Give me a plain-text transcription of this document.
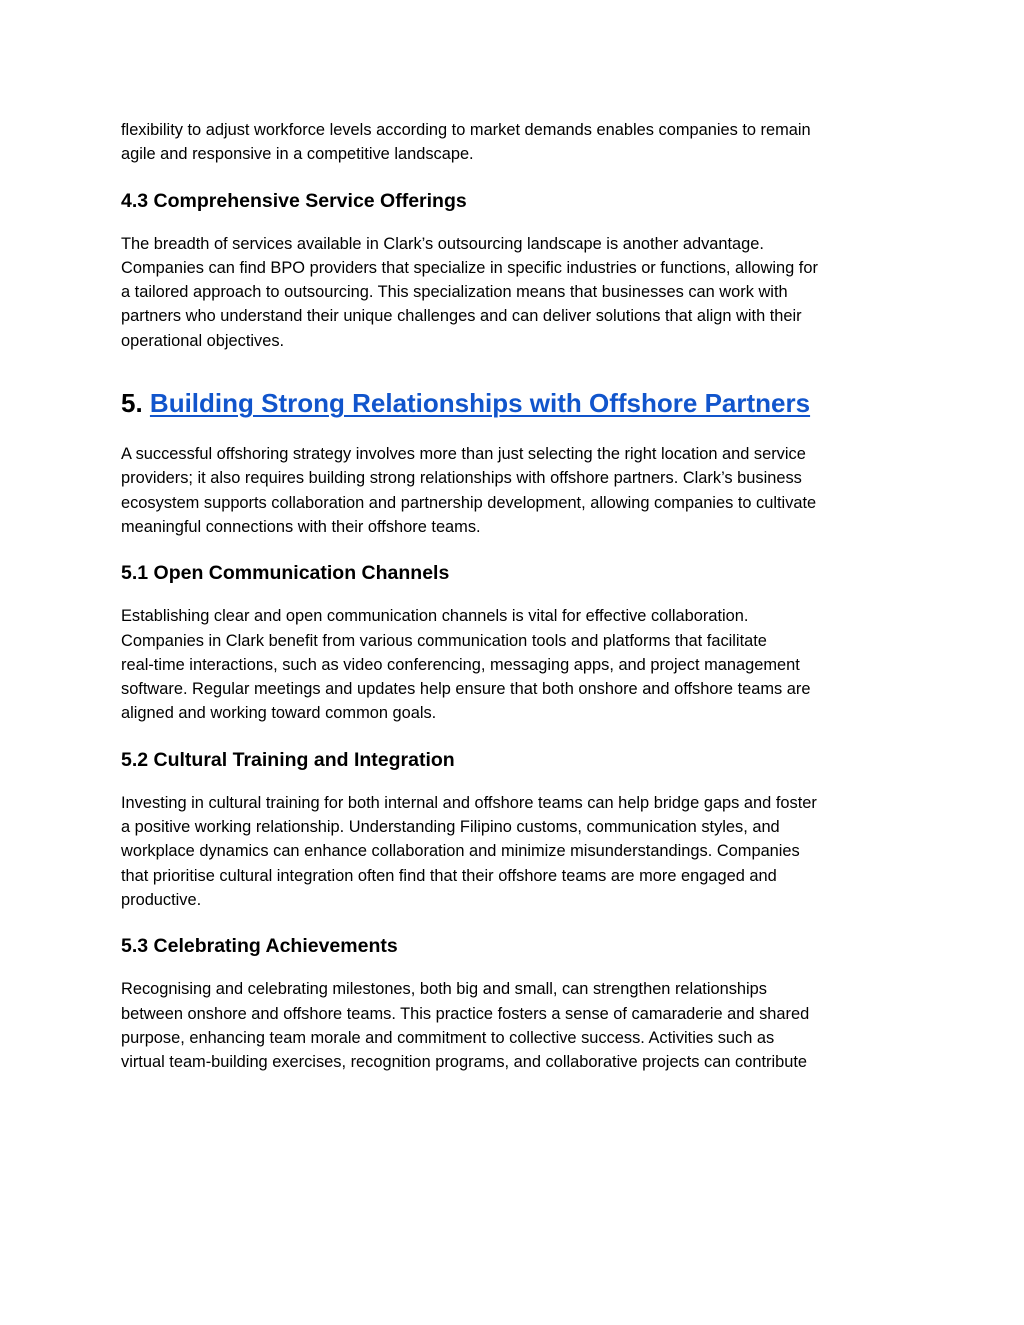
flexibility to adjust workforce levels according to market demands enables companies to remain
agile and responsive in a competitive landscape.

4.3 Comprehensive Service Offerings

The breadth of services available in Clark’s outsourcing landscape is another advantage.
Companies can find BPO providers that specialize in specific industries or functions, allowing for
a tailored approach to outsourcing. This specialization means that businesses can work with
partners who understand their unique challenges and can deliver solutions that align with their
operational objectives.

5. Building Strong Relationships with Offshore Partners

A successful offshoring strategy involves more than just selecting the right location and service
providers; it also requires building strong relationships with offshore partners. Clark’s business
ecosystem supports collaboration and partnership development, allowing companies to cultivate
meaningful connections with their offshore teams.

5.1 Open Communication Channels

Establishing clear and open communication channels is vital for effective collaboration.
Companies in Clark benefit from various communication tools and platforms that facilitate
real-time interactions, such as video conferencing, messaging apps, and project management
software. Regular meetings and updates help ensure that both onshore and offshore teams are
aligned and working toward common goals.

5.2 Cultural Training and Integration

Investing in cultural training for both internal and offshore teams can help bridge gaps and foster
a positive working relationship. Understanding Filipino customs, communication styles, and
workplace dynamics can enhance collaboration and minimize misunderstandings. Companies
that prioritise cultural integration often find that their offshore teams are more engaged and
productive.

5.3 Celebrating Achievements

Recognising and celebrating milestones, both big and small, can strengthen relationships
between onshore and offshore teams. This practice fosters a sense of camaraderie and shared
purpose, enhancing team morale and commitment to collective success. Activities such as
virtual team-building exercises, recognition programs, and collaborative projects can contribute
